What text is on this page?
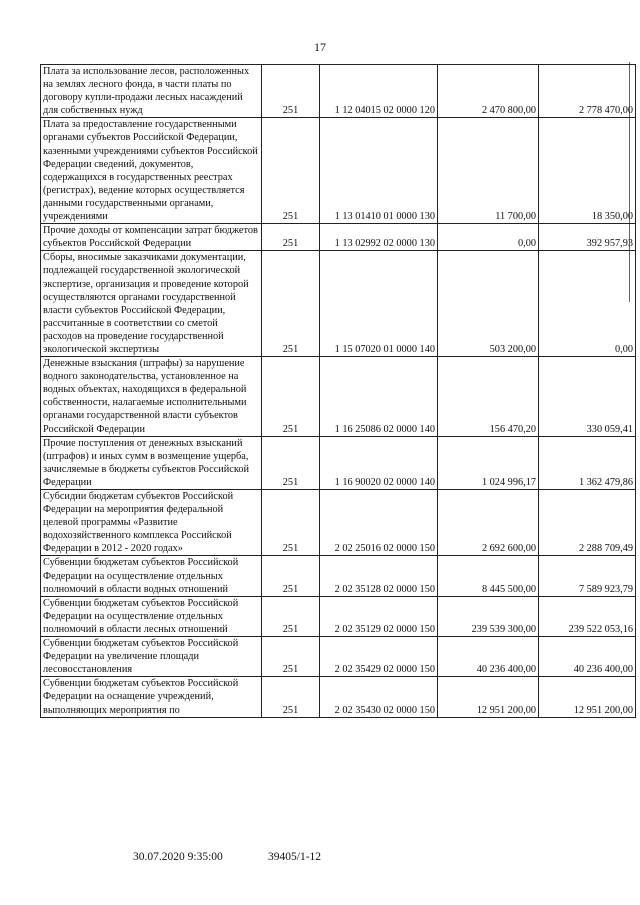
17
Плата за использование лесов, расположенных на землях лесного фонда, в части платы по договору купли-продажи лесных насаждений для собственных нужд	251	1 12 04015 02 0000 120	2 470 800,00	2 778 470,00
Плата за предоставление государственными органами субъектов Российской Федерации, казенными учреждениями субъектов Российской Федерации сведений, документов, содержащихся в государственных реестрах (регистрах), ведение которых осуществляется данными государственными органами, учреждениями	251	1 13 01410 01 0000 130	11 700,00	18 350,00
Прочие доходы от компенсации затрат бюджетов субъектов Российской Федерации	251	1 13 02992 02 0000 130	0,00	392 957,93
Сборы, вносимые заказчиками документации, подлежащей государственной экологической экспертизе, организация и проведение которой осуществляются органами государственной власти субъектов Российской Федерации, рассчитанные в соответствии со сметой расходов на проведение государственной экологической экспертизы	251	1 15 07020 01 0000 140	503 200,00	0,00
Денежные взыскания (штрафы) за нарушение водного законодательства, установленное на водных объектах, находящихся в федеральной собственности, налагаемые исполнительными органами государственной власти субъектов Российской Федерации	251	1 16 25086 02 0000 140	156 470,20	330 059,41
Прочие поступления от денежных взысканий (штрафов) и иных сумм в возмещение ущерба, зачисляемые в бюджеты субъектов Российской Федерации	251	1 16 90020 02 0000 140	1 024 996,17	1 362 479,86
Субсидии бюджетам субъектов Российской Федерации на мероприятия федеральной целевой программы «Развитие водохозяйственного комплекса Российской Федерации в 2012 - 2020 годах»	251	2 02 25016 02 0000 150	2 692 600,00	2 288 709,49
Субвенции бюджетам субъектов Российской Федерации на осуществление отдельных полномочий в области водных отношений	251	2 02 35128 02 0000 150	8 445 500,00	7 589 923,79
Субвенции бюджетам субъектов Российской Федерации на осуществление отдельных полномочий в области лесных отношений	251	2 02 35129 02 0000 150	239 539 300,00	239 522 053,16
Субвенции бюджетам субъектов Российской Федерации на увеличение площади лесовосстановления	251	2 02 35429 02 0000 150	40 236 400,00	40 236 400,00
Субвенции бюджетам субъектов Российской Федерации на оснащение учреждений, выполняющих мероприятия по	251	2 02 35430 02 0000 150	12 951 200,00	12 951 200,00
30.07.2020 9:35:00	39405/1-12
